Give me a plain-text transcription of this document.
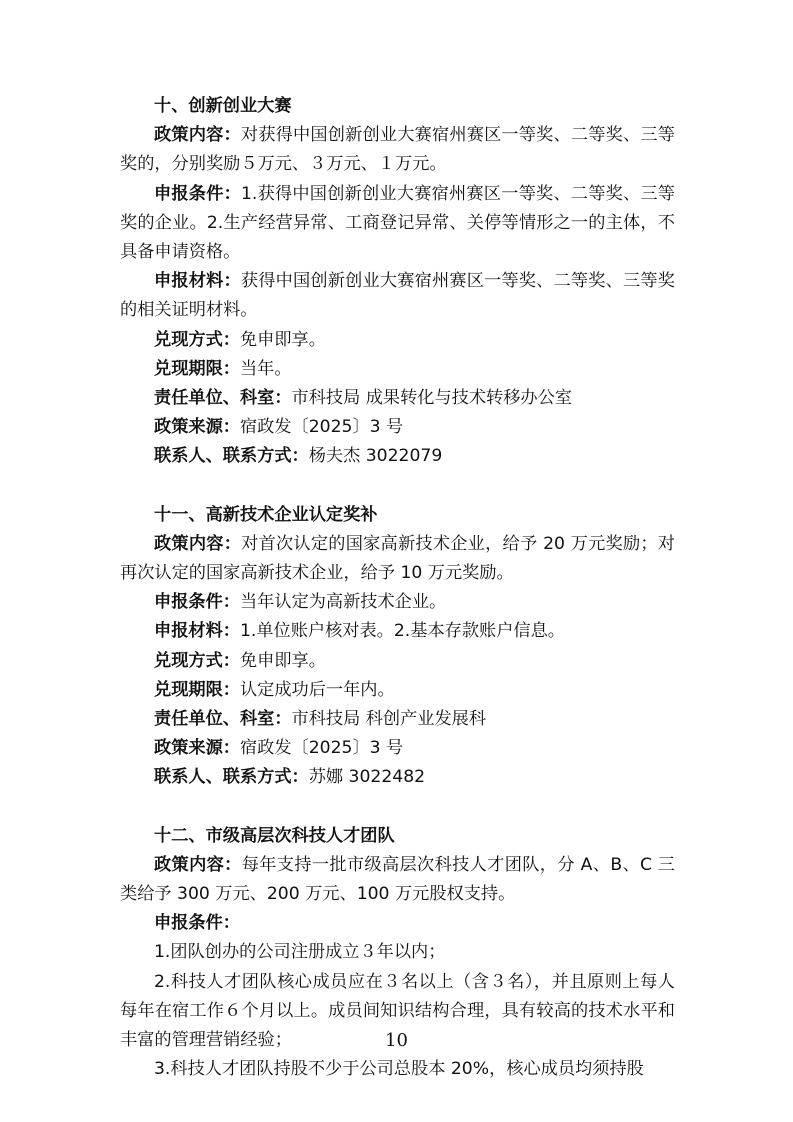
十、创新创业大赛

政策内容：对获得中国创新创业大赛宿州赛区一等奖、二等奖、三等奖的，分别奖励５万元、３万元、１万元。

申报条件：1.获得中国创新创业大赛宿州赛区一等奖、二等奖、三等奖的企业。2.生产经营异常、工商登记异常、关停等情形之一的主体，不具备申请资格。

申报材料：获得中国创新创业大赛宿州赛区一等奖、二等奖、三等奖的相关证明材料。

兑现方式：免申即享。

兑现期限：当年。

责任单位、科室：市科技局 成果转化与技术转移办公室

政策来源：宿政发〔2025〕3 号

联系人、联系方式：杨夫杰 3022079

十一、高新技术企业认定奖补

政策内容：对首次认定的国家高新技术企业，给予 20 万元奖励；对再次认定的国家高新技术企业，给予 10 万元奖励。

申报条件：当年认定为高新技术企业。

申报材料：1.单位账户核对表。2.基本存款账户信息。

兑现方式：免申即享。

兑现期限：认定成功后一年内。

责任单位、科室：市科技局 科创产业发展科

政策来源：宿政发〔2025〕3 号

联系人、联系方式：苏娜 3022482

十二、市级高层次科技人才团队

政策内容：每年支持一批市级高层次科技人才团队，分 A、B、C 三类给予 300 万元、200 万元、100 万元股权支持。

申报条件：

1.团队创办的公司注册成立３年以内；

2.科技人才团队核心成员应在３名以上（含３名），并且原则上每人每年在宿工作６个月以上。成员间知识结构合理，具有较高的技术水平和丰富的管理营销经验；

3.科技人才团队持股不少于公司总股本 20%，核心成员均须持股

10
